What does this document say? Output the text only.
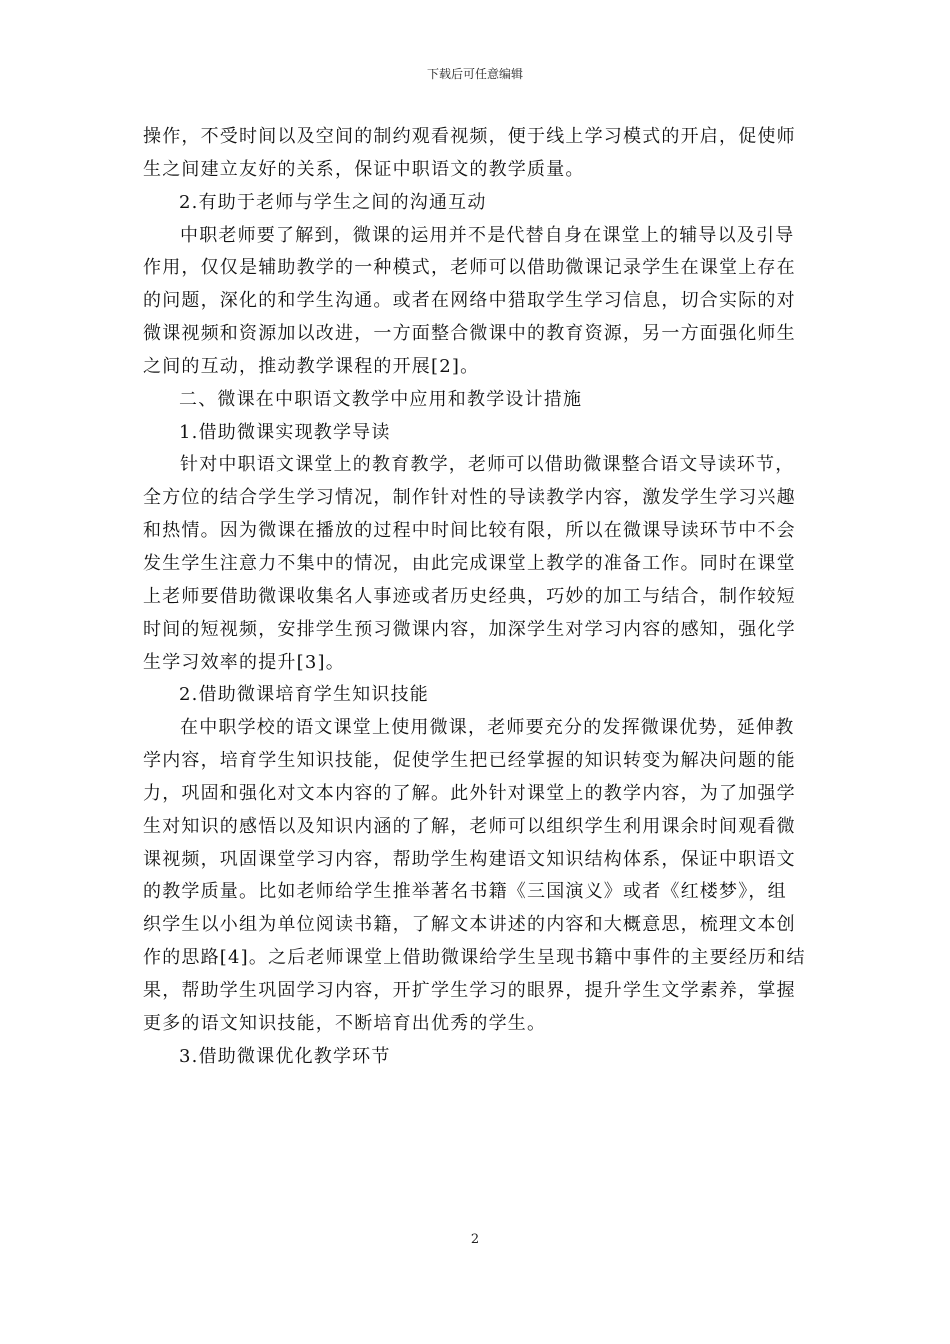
下载后可任意编辑
操作，不受时间以及空间的制约观看视频，便于线上学习模式的开启，促使师
生之间建立友好的关系，保证中职语文的教学质量。
2.有助于老师与学生之间的沟通互动
中职老师要了解到，微课的运用并不是代替自身在课堂上的辅导以及引导
作用，仅仅是辅助教学的一种模式，老师可以借助微课记录学生在课堂上存在
的问题，深化的和学生沟通。或者在网络中猎取学生学习信息，切合实际的对
微课视频和资源加以改进，一方面整合微课中的教育资源，另一方面强化师生
之间的互动，推动教学课程的开展[2]。
二、微课在中职语文教学中应用和教学设计措施
1.借助微课实现教学导读
针对中职语文课堂上的教育教学，老师可以借助微课整合语文导读环节，
全方位的结合学生学习情况，制作针对性的导读教学内容，激发学生学习兴趣
和热情。因为微课在播放的过程中时间比较有限，所以在微课导读环节中不会
发生学生注意力不集中的情况，由此完成课堂上教学的准备工作。同时在课堂
上老师要借助微课收集名人事迹或者历史经典，巧妙的加工与结合，制作较短
时间的短视频，安排学生预习微课内容，加深学生对学习内容的感知，强化学
生学习效率的提升[3]。
2.借助微课培育学生知识技能
在中职学校的语文课堂上使用微课，老师要充分的发挥微课优势，延伸教
学内容，培育学生知识技能，促使学生把已经掌握的知识转变为解决问题的能
力，巩固和强化对文本内容的了解。此外针对课堂上的教学内容，为了加强学
生对知识的感悟以及知识内涵的了解，老师可以组织学生利用课余时间观看微
课视频，巩固课堂学习内容，帮助学生构建语文知识结构体系，保证中职语文
的教学质量。比如老师给学生推举著名书籍《三国演义》或者《红楼梦》，组
织学生以小组为单位阅读书籍，了解文本讲述的内容和大概意思，梳理文本创
作的思路[4]。之后老师课堂上借助微课给学生呈现书籍中事件的主要经历和结
果，帮助学生巩固学习内容，开扩学生学习的眼界，提升学生文学素养，掌握
更多的语文知识技能，不断培育出优秀的学生。
3.借助微课优化教学环节
2
